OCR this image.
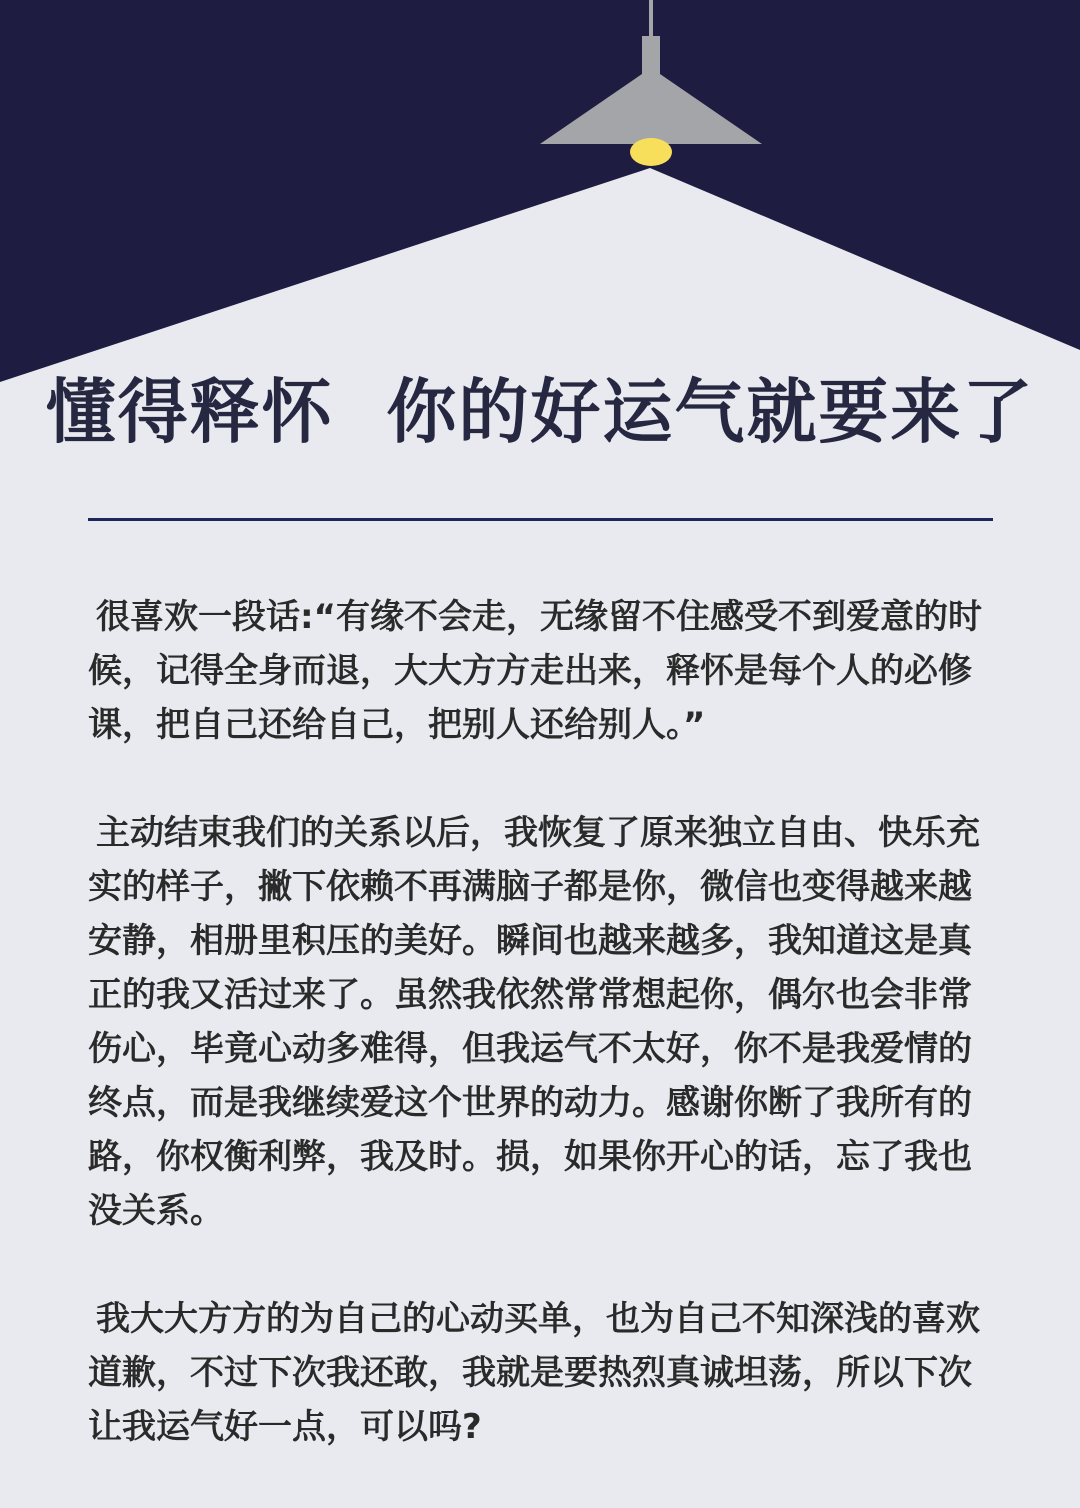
懂得释怀  你的好运气就要来了

很喜欢一段话:“有缘不会走，无缘留不住感受不到爱意的时候，记得全身而退，大大方方走出来，释怀是每个人的必修课，把自己还给自己，把别人还给别人。”

主动结束我们的关系以后，我恢复了原来独立自由、快乐充实的样子，撇下依赖不再满脑子都是你，微信也变得越来越安静，相册里积压的美好。瞬间也越来越多，我知道这是真正的我又活过来了。虽然我依然常常想起你，偶尔也会非常伤心，毕竟心动多难得，但我运气不太好，你不是我爱情的终点，而是我继续爱这个世界的动力。感谢你断了我所有的路，你权衡利弊，我及时。损，如果你开心的话，忘了我也没关系。

我大大方方的为自己的心动买单，也为自己不知深浅的喜欢道歉，不过下次我还敢，我就是要热烈真诚坦荡，所以下次让我运气好一点，可以吗?
